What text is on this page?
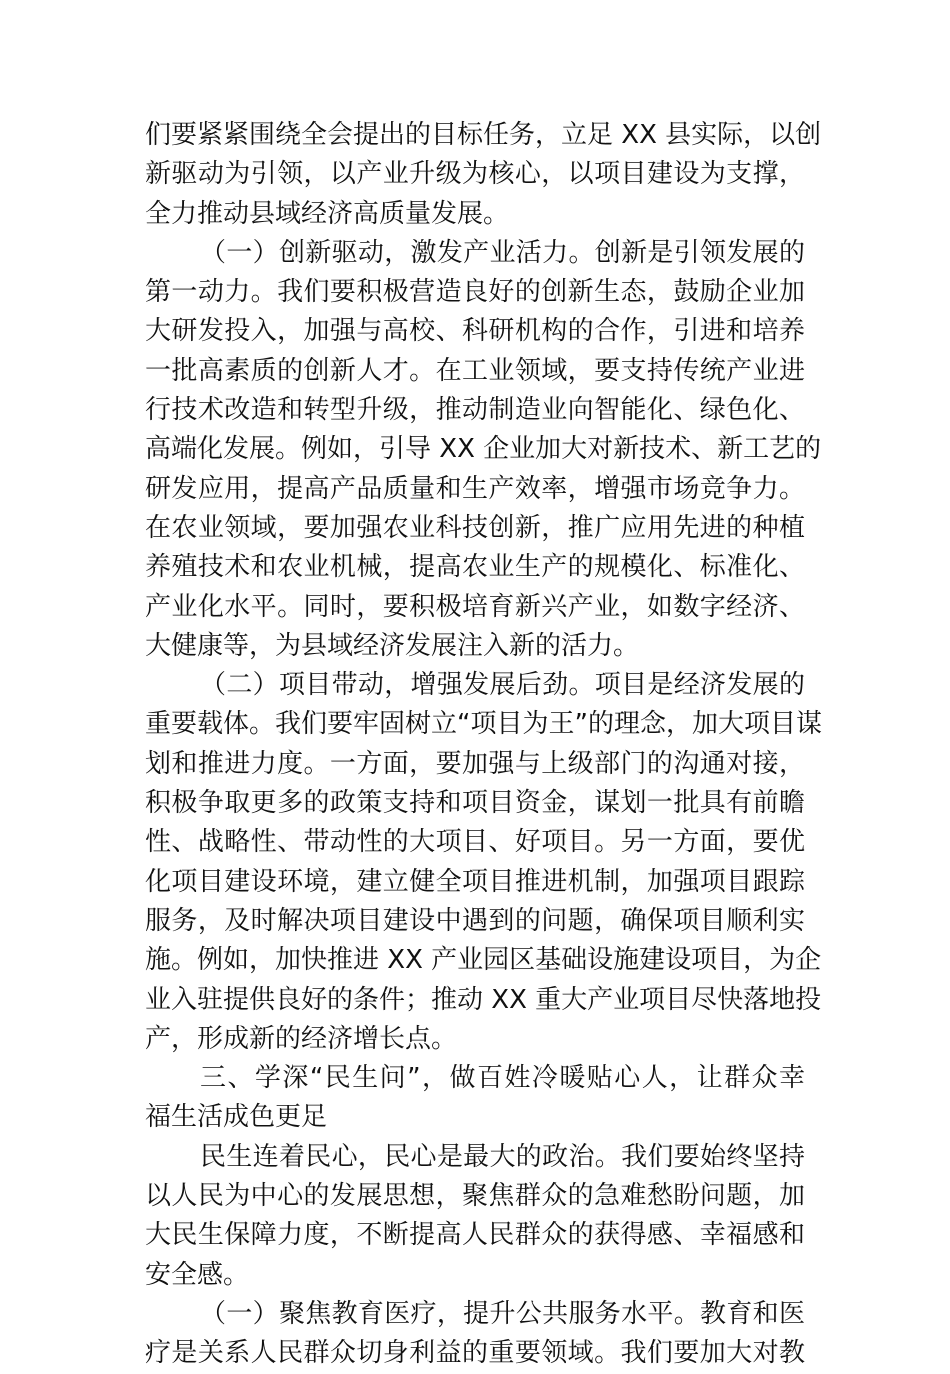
们要紧紧围绕全会提出的目标任务，立足 XX 县实际，以创
新驱动为引领，以产业升级为核心，以项目建设为支撑，
全力推动县域经济高质量发展。
（一）创新驱动，激发产业活力。创新是引领发展的
第一动力。我们要积极营造良好的创新生态，鼓励企业加
大研发投入，加强与高校、科研机构的合作，引进和培养
一批高素质的创新人才。在工业领域，要支持传统产业进
行技术改造和转型升级，推动制造业向智能化、绿色化、
高端化发展。例如，引导 XX 企业加大对新技术、新工艺的
研发应用，提高产品质量和生产效率，增强市场竞争力。
在农业领域，要加强农业科技创新，推广应用先进的种植
养殖技术和农业机械，提高农业生产的规模化、标准化、
产业化水平。同时，要积极培育新兴产业，如数字经济、
大健康等，为县域经济发展注入新的活力。
（二）项目带动，增强发展后劲。项目是经济发展的
重要载体。我们要牢固树立“项目为王”的理念，加大项目谋
划和推进力度。一方面，要加强与上级部门的沟通对接，
积极争取更多的政策支持和项目资金，谋划一批具有前瞻
性、战略性、带动性的大项目、好项目。另一方面，要优
化项目建设环境，建立健全项目推进机制，加强项目跟踪
服务，及时解决项目建设中遇到的问题，确保项目顺利实
施。例如，加快推进 XX 产业园区基础设施建设项目，为企
业入驻提供良好的条件；推动 XX 重大产业项目尽快落地投
产，形成新的经济增长点。
三、学深“民生问”，做百姓冷暖贴心人，让群众幸
福生活成色更足
民生连着民心，民心是最大的政治。我们要始终坚持
以人民为中心的发展思想，聚焦群众的急难愁盼问题，加
大民生保障力度，不断提高人民群众的获得感、幸福感和
安全感。
（一）聚焦教育医疗，提升公共服务水平。教育和医
疗是关系人民群众切身利益的重要领域。我们要加大对教
